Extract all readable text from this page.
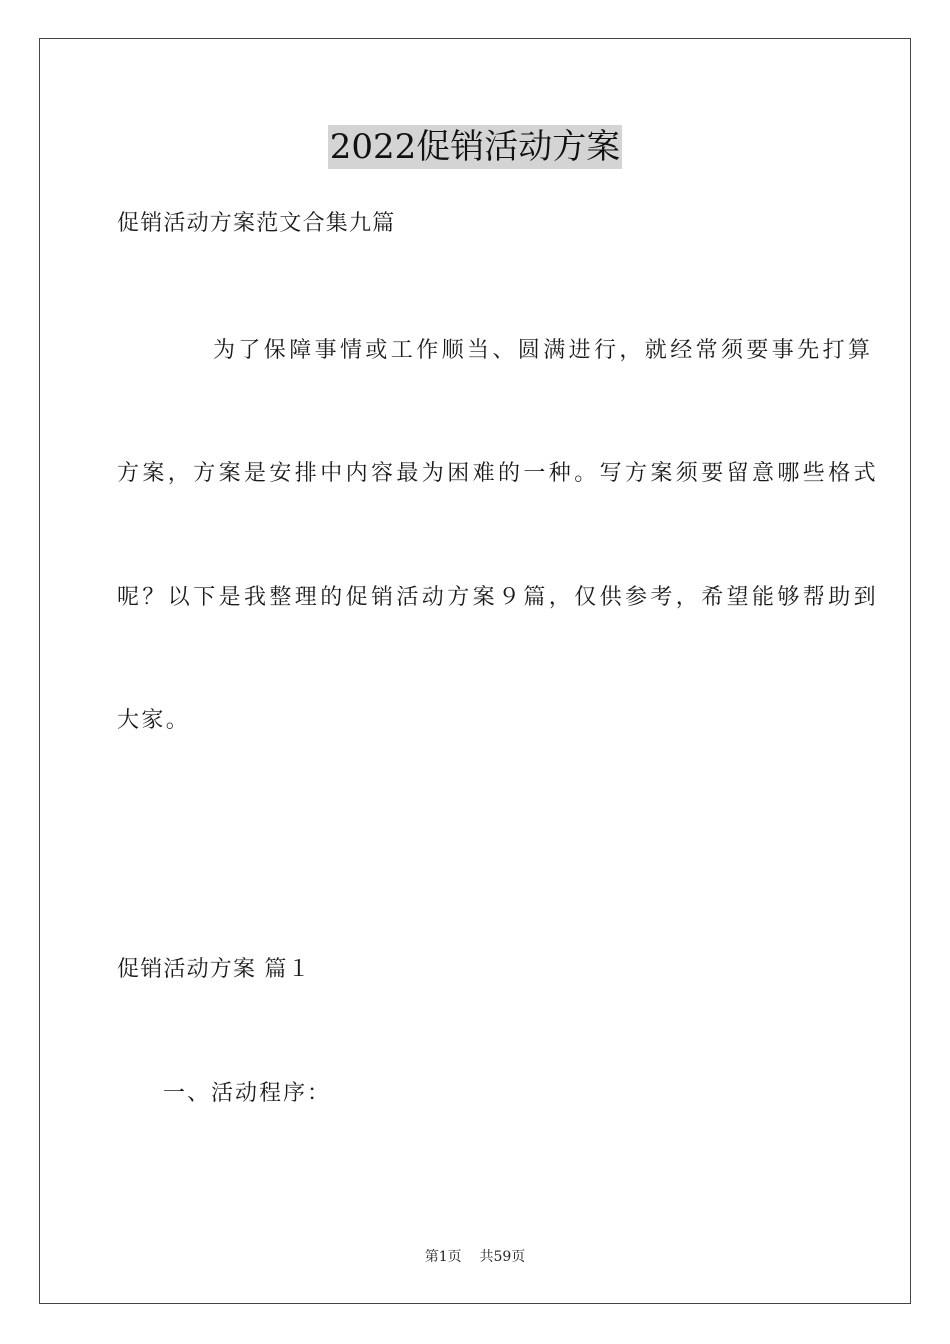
2022促销活动方案
促销活动方案范文合集九篇
为了保障事情或工作顺当、圆满进行，就经常须要事先打算
方案，方案是安排中内容最为困难的一种。写方案须要留意哪些格式
呢？以下是我整理的促销活动方案９篇，仅供参考，希望能够帮助到
大家。
促销活动方案 篇１
一、活动程序：
第1页 共59页
